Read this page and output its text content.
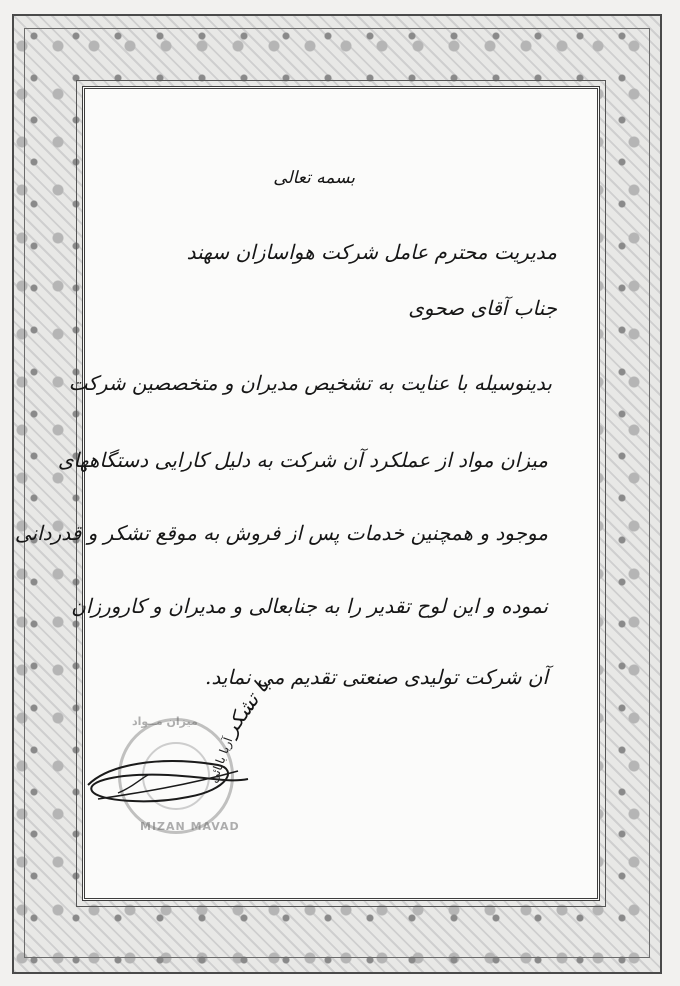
بسمه تعالی
مدیریت محترم عامل شرکت هواسازان سهند
جناب آقای صحوی
بدینوسیله با عنایت به تشخیص مدیران و متخصصین شرکت
میزان مواد از عملکرد آن شرکت به دلیل کارایی دستگاههای
موجود و همچنین خدمات پس از فروش به موقع تشکر و قدردانی
نموده و این لوح تقدیر را به جنابعالی و مدیران و کارورزان
آن شرکت تولیدی صنعتی تقدیم می نماید.
میزان مــواد
MIZAN MAVAD
با تشکر
آریا بابائی
